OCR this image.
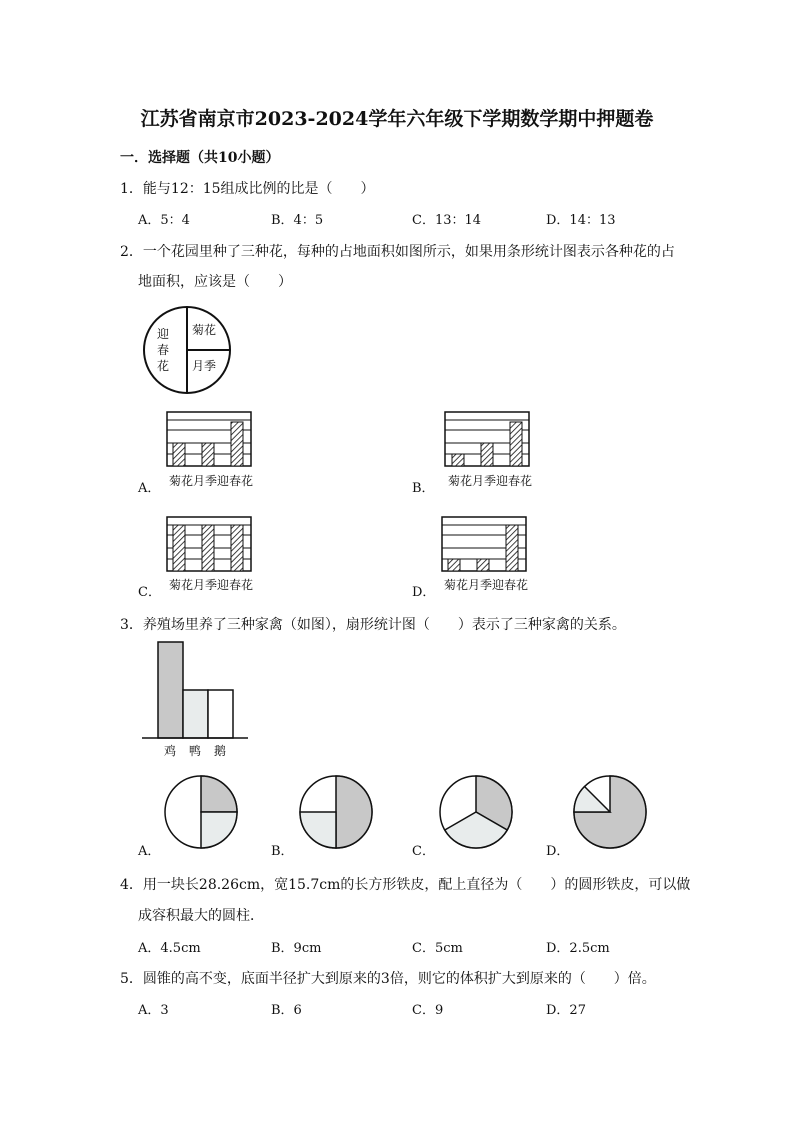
江苏省南京市2023-2024学年六年级下学期数学期中押题卷
一．选择题（共10小题）
1．能与12：15组成比例的比是（　　）
A．5：4	B．4：5	C．13：14	D．14：13
2．一个花园里种了三种花，每种的占地面积如图所示，如果用条形统计图表示各种花的占
地面积，应该是（　　）
菊花
月季
迎春花
A． 菊花月季迎春花	B． 菊花月季迎春花
C． 菊花月季迎春花	D． 菊花月季迎春花
3．养殖场里养了三种家禽（如图），扇形统计图（　　）表示了三种家禽的关系。
鸡 鸭 鹅
A．	B．	C．	D．
4．用一块长28.26cm，宽15.7cm的长方形铁皮，配上直径为（　　）的圆形铁皮，可以做
成容积最大的圆柱．
A．4.5cm	B．9cm	C．5cm	D．2.5cm
5．圆锥的高不变，底面半径扩大到原来的3倍，则它的体积扩大到原来的（　　）倍。
A．3	B．6	C．9	D．27
